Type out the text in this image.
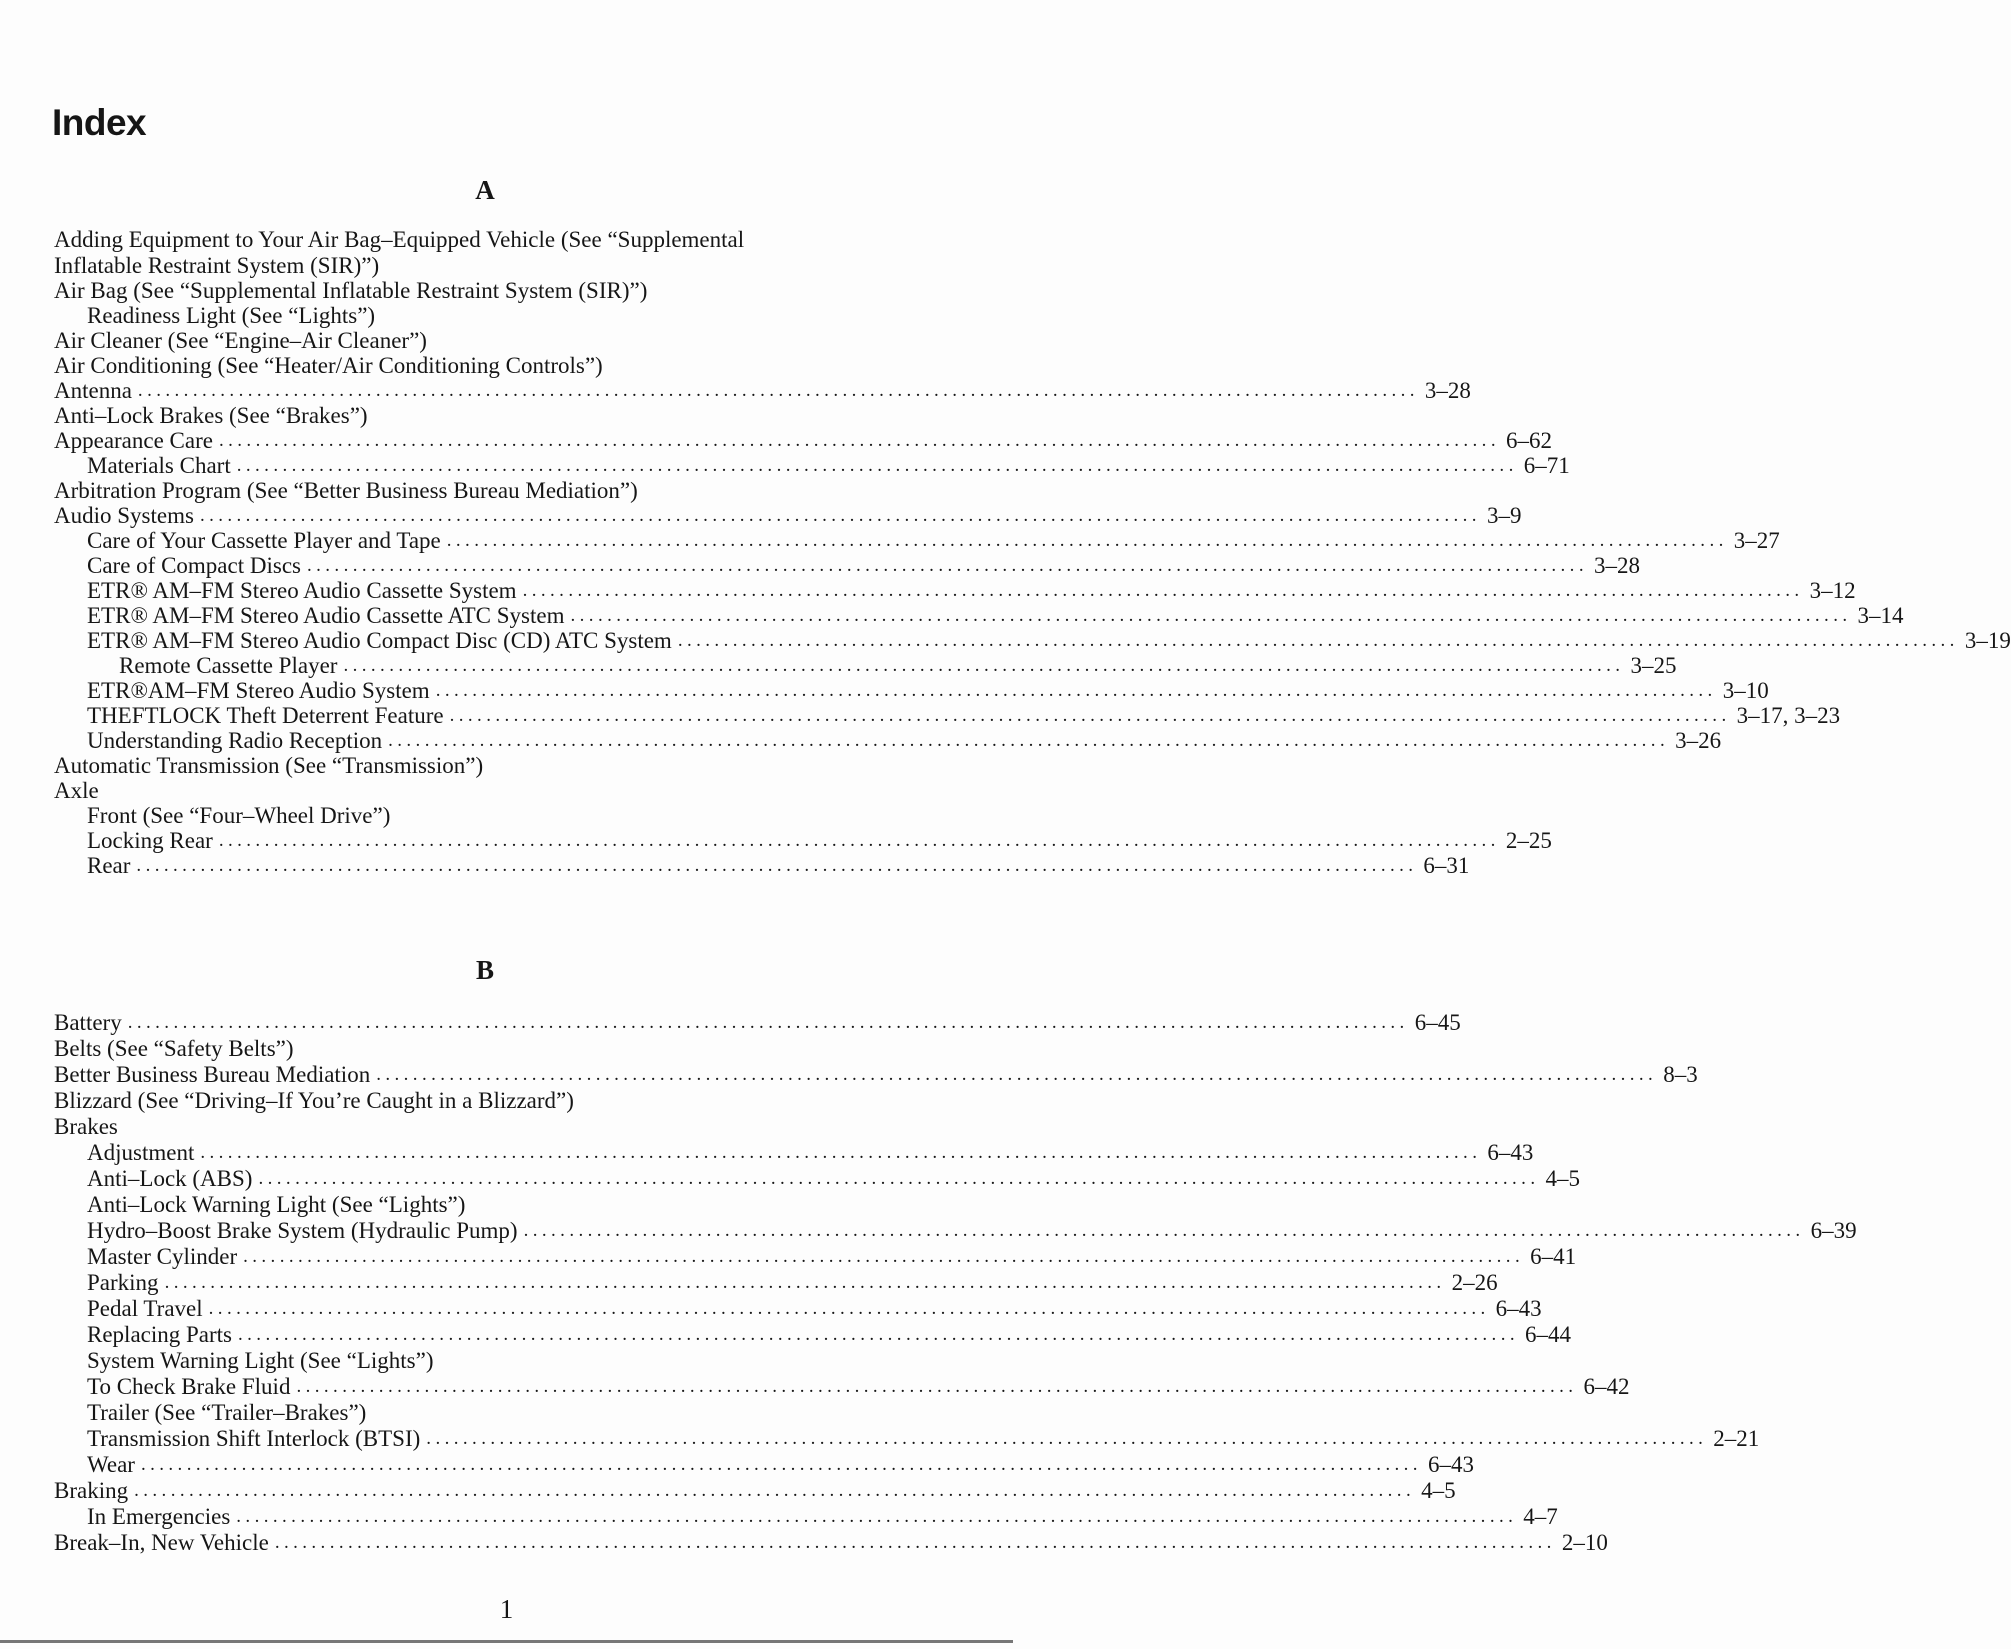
Index
A
Adding Equipment to Your Air Bag–Equipped Vehicle (See “Supplemental
Inflatable Restraint System (SIR)”)
Air Bag (See “Supplemental Inflatable Restraint System (SIR)”)
Readiness Light (See “Lights”)
Air Cleaner (See “Engine–Air Cleaner”)
Air Conditioning (See “Heater/Air Conditioning Controls”)
Antenna ............................................................................................................................................ 3–28
Anti–Lock Brakes (See “Brakes”)
Appearance Care ............................................................................................................................................ 6–62
Materials Chart ............................................................................................................................................ 6–71
Arbitration Program (See “Better Business Bureau Mediation”)
Audio Systems ............................................................................................................................................ 3–9
Care of Your Cassette Player and Tape ............................................................................................................................................ 3–27
Care of Compact Discs ............................................................................................................................................ 3–28
ETR® AM–FM Stereo Audio Cassette System ............................................................................................................................................ 3–12
ETR® AM–FM Stereo Audio Cassette ATC System ............................................................................................................................................ 3–14
ETR® AM–FM Stereo Audio Compact Disc (CD) ATC System ............................................................................................................................................ 3–19
Remote Cassette Player ............................................................................................................................................ 3–25
ETR®AM–FM Stereo Audio System ............................................................................................................................................ 3–10
THEFTLOCK Theft Deterrent Feature ............................................................................................................................................ 3–17, 3–23
Understanding Radio Reception ............................................................................................................................................ 3–26
Automatic Transmission (See “Transmission”)
Axle
Front (See “Four–Wheel Drive”)
Locking Rear ............................................................................................................................................ 2–25
Rear ............................................................................................................................................ 6–31
B
Battery ............................................................................................................................................ 6–45
Belts (See “Safety Belts”)
Better Business Bureau Mediation ............................................................................................................................................ 8–3
Blizzard (See “Driving–If You’re Caught in a Blizzard”)
Brakes
Adjustment ............................................................................................................................................ 6–43
Anti–Lock (ABS) ............................................................................................................................................ 4–5
Anti–Lock Warning Light (See “Lights”)
Hydro–Boost Brake System (Hydraulic Pump) ............................................................................................................................................ 6–39
Master Cylinder ............................................................................................................................................ 6–41
Parking ............................................................................................................................................ 2–26
Pedal Travel ............................................................................................................................................ 6–43
Replacing Parts ............................................................................................................................................ 6–44
System Warning Light (See “Lights”)
To Check Brake Fluid ............................................................................................................................................ 6–42
Trailer (See “Trailer–Brakes”)
Transmission Shift Interlock (BTSI) ............................................................................................................................................ 2–21
Wear ............................................................................................................................................ 6–43
Braking ............................................................................................................................................ 4–5
In Emergencies ............................................................................................................................................ 4–7
Break–In, New Vehicle ............................................................................................................................................ 2–10
1
